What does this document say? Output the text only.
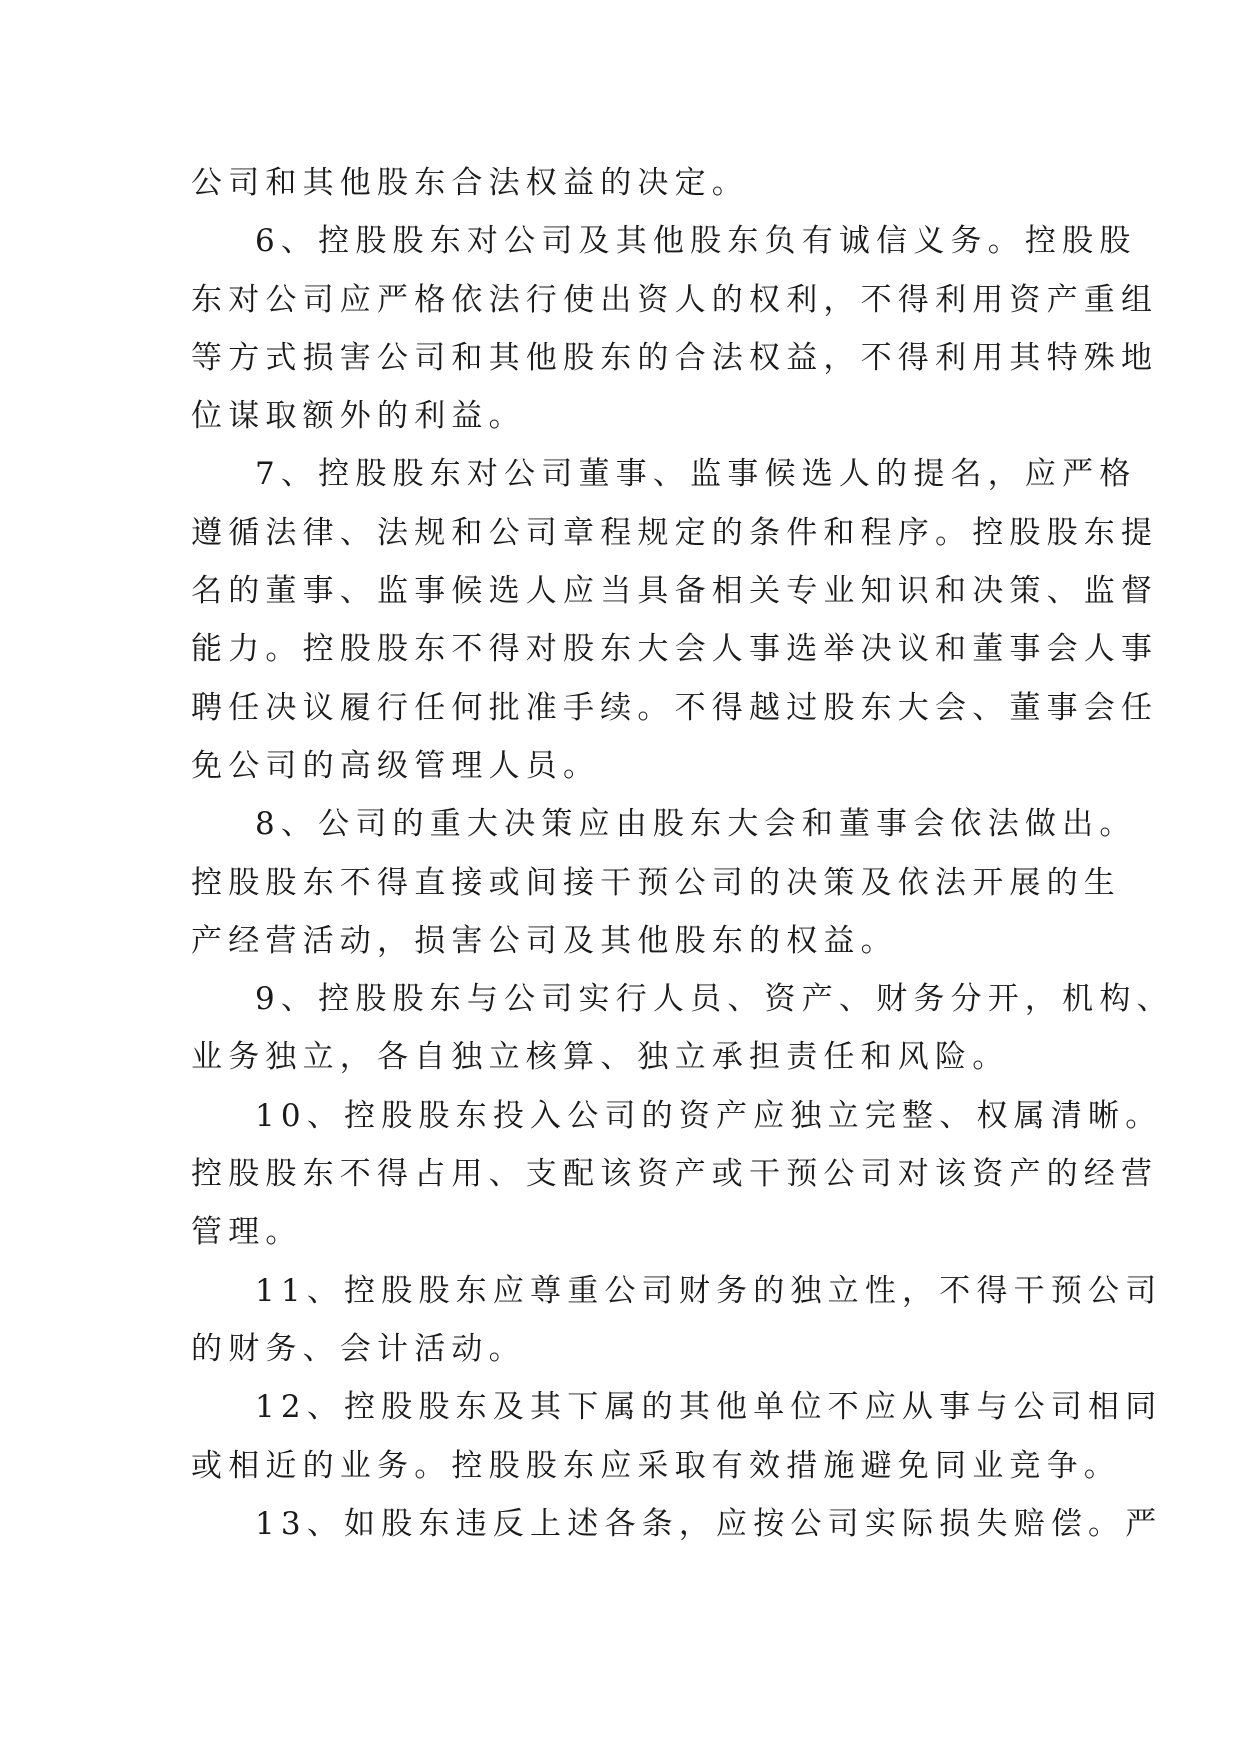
公司和其他股东合法权益的决定。
6、控股股东对公司及其他股东负有诚信义务。控股股
东对公司应严格依法行使出资人的权利，不得利用资产重组
等方式损害公司和其他股东的合法权益，不得利用其特殊地
位谋取额外的利益。
7、控股股东对公司董事、监事候选人的提名，应严格
遵循法律、法规和公司章程规定的条件和程序。控股股东提
名的董事、监事候选人应当具备相关专业知识和决策、监督
能力。控股股东不得对股东大会人事选举决议和董事会人事
聘任决议履行任何批准手续。不得越过股东大会、董事会任
免公司的高级管理人员。
8、公司的重大决策应由股东大会和董事会依法做出。
控股股东不得直接或间接干预公司的决策及依法开展的生
产经营活动，损害公司及其他股东的权益。
9、控股股东与公司实行人员、资产、财务分开，机构、
业务独立，各自独立核算、独立承担责任和风险。
10、控股股东投入公司的资产应独立完整、权属清晰。
控股股东不得占用、支配该资产或干预公司对该资产的经营
管理。
11、控股股东应尊重公司财务的独立性，不得干预公司
的财务、会计活动。
12、控股股东及其下属的其他单位不应从事与公司相同
或相近的业务。控股股东应采取有效措施避免同业竞争。
13、如股东违反上述各条，应按公司实际损失赔偿。严
